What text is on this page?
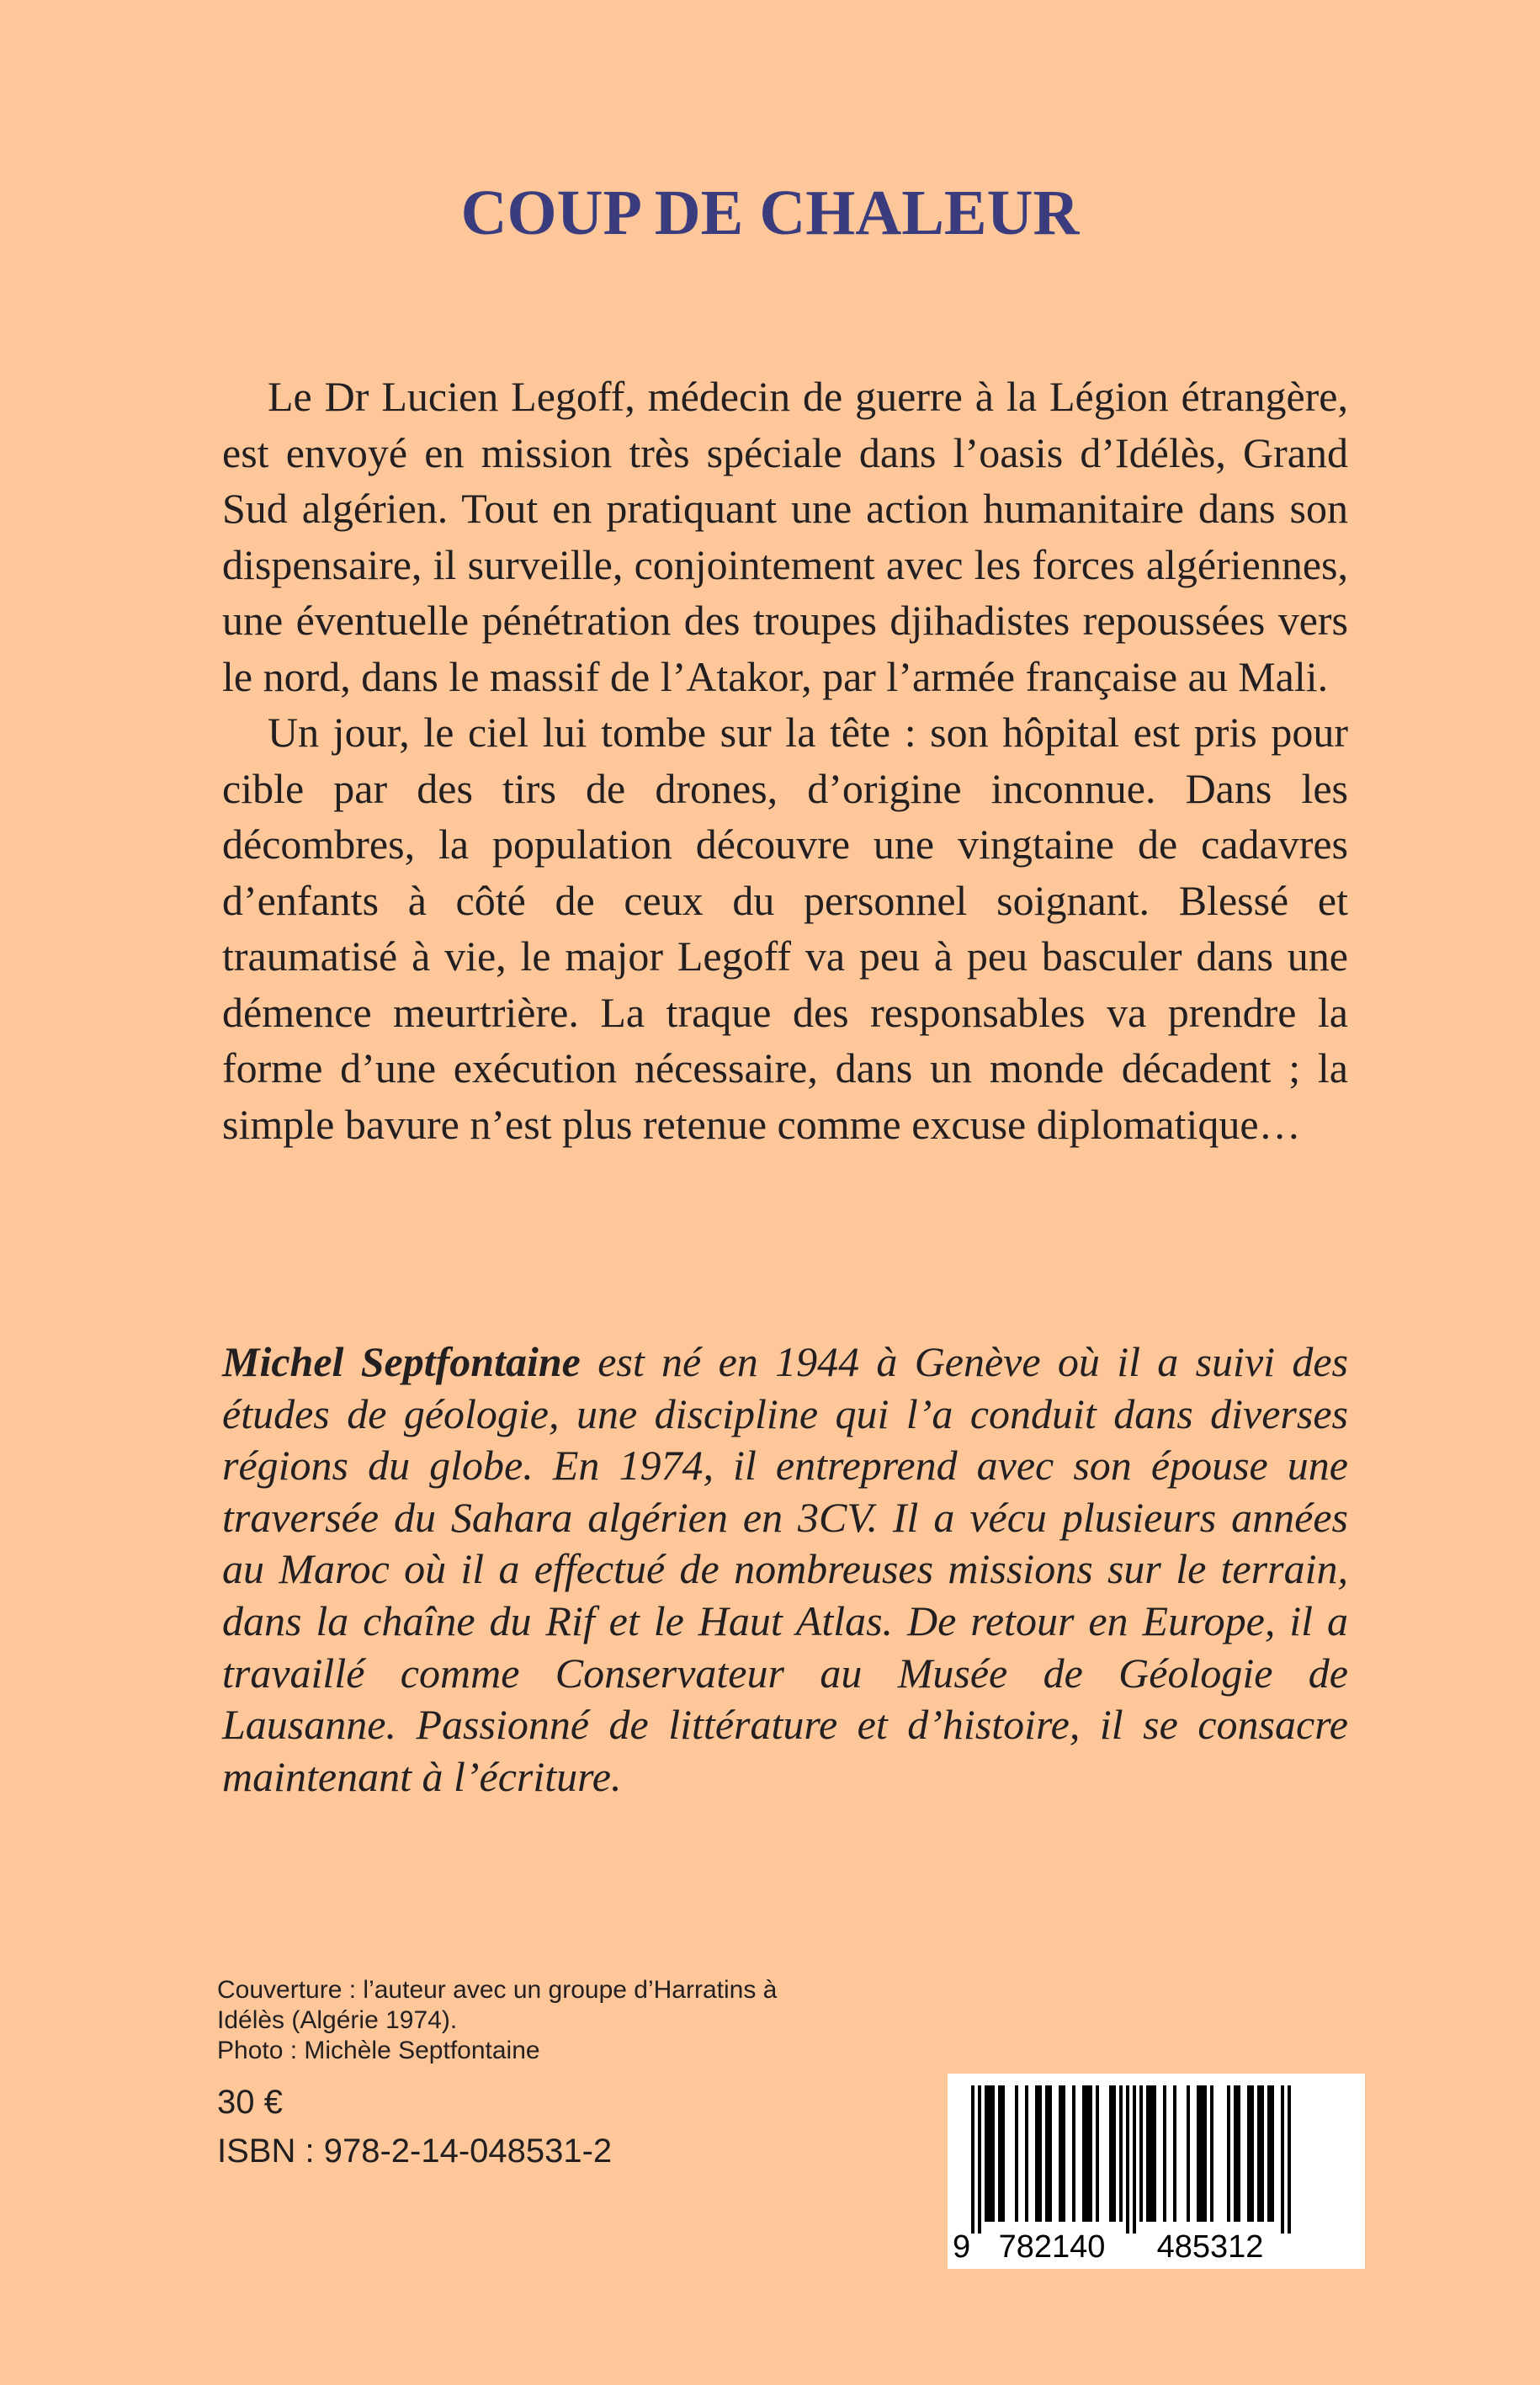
COUP DE CHALEUR

Le Dr Lucien Legoff, médecin de guerre à la Légion étrangère, est envoyé en mission très spéciale dans l’oasis d’Idélès, Grand Sud algérien. Tout en pratiquant une action humanitaire dans son dispensaire, il surveille, conjointement avec les forces algériennes, une éventuelle pénétration des troupes djihadistes repoussées vers le nord, dans le massif de l’Atakor, par l’armée française au Mali.

Un jour, le ciel lui tombe sur la tête : son hôpital est pris pour cible par des tirs de drones, d’origine inconnue. Dans les décombres, la population découvre une vingtaine de cadavres d’enfants à côté de ceux du personnel soignant. Blessé et traumatisé à vie, le major Legoff va peu à peu basculer dans une démence meurtrière. La traque des responsables va prendre la forme d’une exécution nécessaire, dans un monde décadent ; la simple bavure n’est plus retenue comme excuse diplomatique…

Michel Septfontaine est né en 1944 à Genève où il a suivi des études de géologie, une discipline qui l’a conduit dans diverses régions du globe. En 1974, il entreprend avec son épouse une traversée du Sahara algérien en 3CV. Il a vécu plusieurs années au Maroc où il a effectué de nombreuses missions sur le terrain, dans la chaîne du Rif et le Haut Atlas. De retour en Europe, il a travaillé comme Conservateur au Musée de Géologie de Lausanne. Passionné de littérature et d’histoire, il se consacre maintenant à l’écriture.

Couverture : l’auteur avec un groupe d’Harratins à Idélès (Algérie 1974).

Photo : Michèle Septfontaine

30 €

ISBN : 978-2-14-048531-2

9 782140 485312
